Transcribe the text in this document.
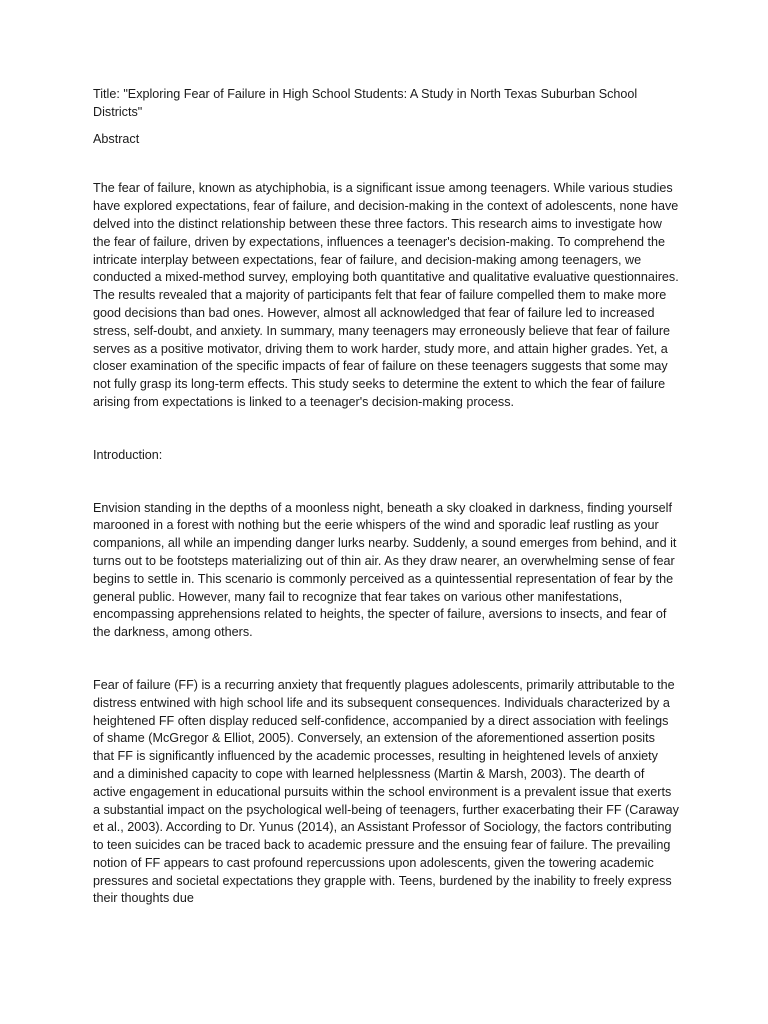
Title: "Exploring Fear of Failure in High School Students: A Study in North Texas Suburban School Districts"

Abstract

The fear of failure, known as atychiphobia, is a significant issue among teenagers. While various studies have explored expectations, fear of failure, and decision-making in the context of adolescents, none have delved into the distinct relationship between these three factors. This research aims to investigate how the fear of failure, driven by expectations, influences a teenager's decision-making. To comprehend the intricate interplay between expectations, fear of failure, and decision-making among teenagers, we conducted a mixed-method survey, employing both quantitative and qualitative evaluative questionnaires. The results revealed that a majority of participants felt that fear of failure compelled them to make more good decisions than bad ones. However, almost all acknowledged that fear of failure led to increased stress, self-doubt, and anxiety. In summary, many teenagers may erroneously believe that fear of failure serves as a positive motivator, driving them to work harder, study more, and attain higher grades. Yet, a closer examination of the specific impacts of fear of failure on these teenagers suggests that some may not fully grasp its long-term effects. This study seeks to determine the extent to which the fear of failure arising from expectations is linked to a teenager's decision-making process.

Introduction:

Envision standing in the depths of a moonless night, beneath a sky cloaked in darkness, finding yourself marooned in a forest with nothing but the eerie whispers of the wind and sporadic leaf rustling as your companions, all while an impending danger lurks nearby. Suddenly, a sound emerges from behind, and it turns out to be footsteps materializing out of thin air. As they draw nearer, an overwhelming sense of fear begins to settle in. This scenario is commonly perceived as a quintessential representation of fear by the general public. However, many fail to recognize that fear takes on various other manifestations, encompassing apprehensions related to heights, the specter of failure, aversions to insects, and fear of the darkness, among others.

Fear of failure (FF) is a recurring anxiety that frequently plagues adolescents, primarily attributable to the distress entwined with high school life and its subsequent consequences. Individuals characterized by a heightened FF often display reduced self-confidence, accompanied by a direct association with feelings of shame (McGregor & Elliot, 2005). Conversely, an extension of the aforementioned assertion posits that FF is significantly influenced by the academic processes, resulting in heightened levels of anxiety and a diminished capacity to cope with learned helplessness (Martin & Marsh, 2003). The dearth of active engagement in educational pursuits within the school environment is a prevalent issue that exerts a substantial impact on the psychological well-being of teenagers, further exacerbating their FF (Caraway et al., 2003). According to Dr. Yunus (2014), an Assistant Professor of Sociology, the factors contributing to teen suicides can be traced back to academic pressure and the ensuing fear of failure. The prevailing notion of FF appears to cast profound repercussions upon adolescents, given the towering academic pressures and societal expectations they grapple with. Teens, burdened by the inability to freely express their thoughts due
